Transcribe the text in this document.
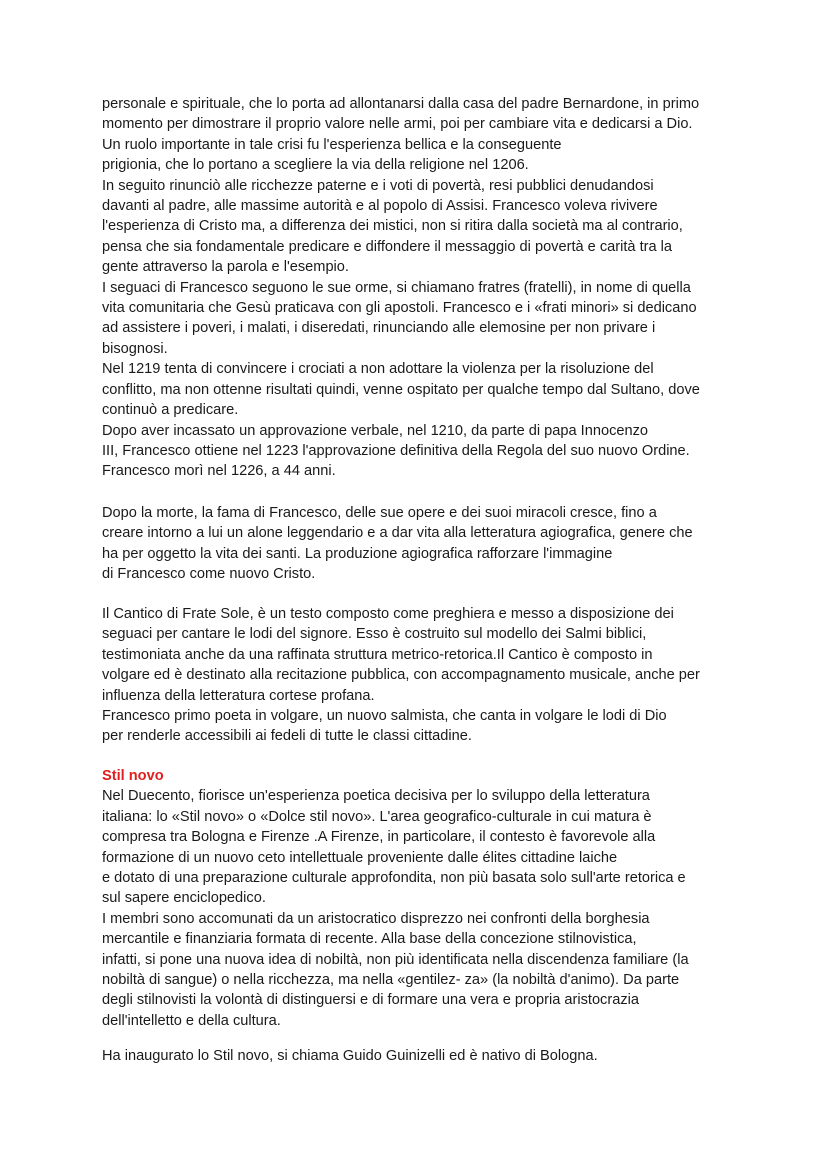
personale e spirituale, che lo porta ad allontanarsi dalla casa del padre Bernardone, in primo
momento per dimostrare il proprio valore nelle armi, poi per cambiare vita e dedicarsi a Dio.
Un ruolo importante in tale crisi fu l'esperienza bellica e la conseguente
prigionia, che lo portano a scegliere la via della religione nel 1206.
In seguito rinunciò alle ricchezze paterne e i voti di povertà, resi pubblici denudandosi
davanti al padre, alle massime autorità e al popolo di Assisi. Francesco voleva rivivere
l'esperienza di Cristo ma, a differenza dei mistici, non si ritira dalla società ma al contrario,
pensa che sia fondamentale predicare e diffondere il messaggio di povertà e carità tra la
gente attraverso la parola e l'esempio.
I seguaci di Francesco seguono le sue orme, si chiamano fratres (fratelli), in nome di quella
vita comunitaria che Gesù praticava con gli apostoli. Francesco e i «frati minori» si dedicano
ad assistere i poveri, i malati, i diseredati, rinunciando alle elemosine per non privare i
bisognosi.
Nel 1219 tenta di convincere i crociati a non adottare la violenza per la risoluzione del
conflitto, ma non ottenne risultati quindi, venne ospitato per qualche tempo dal Sultano, dove
continuò a predicare.
Dopo aver incassato un approvazione verbale, nel 1210, da parte di papa Innocenzo
III, Francesco ottiene nel 1223 l'approvazione definitiva della Regola del suo nuovo Ordine.
Francesco morì nel 1226, a 44 anni.
Dopo la morte, la fama di Francesco, delle sue opere e dei suoi miracoli cresce, fino a
creare intorno a lui un alone leggendario e a dar vita alla letteratura agiografica, genere che
ha per oggetto la vita dei santi. La produzione agiografica rafforzare l'immagine
di Francesco come nuovo Cristo.
Il Cantico di Frate Sole, è un testo composto come preghiera e messo a disposizione dei
seguaci per cantare le lodi del signore. Esso è costruito sul modello dei Salmi biblici,
testimoniata anche da una raffinata struttura metrico-retorica.Il Cantico è composto in
volgare ed è destinato alla recitazione pubblica, con accompagnamento musicale, anche per
influenza della letteratura cortese profana.
Francesco primo poeta in volgare, un nuovo salmista, che canta in volgare le lodi di Dio
per renderle accessibili ai fedeli di tutte le classi cittadine.
Stil novo
Nel Duecento, fiorisce un'esperienza poetica decisiva per lo sviluppo della letteratura
italiana: lo «Stil novo» o «Dolce stil novo». L'area geografico-culturale in cui matura è
compresa tra Bologna e Firenze .A Firenze, in particolare, il contesto è favorevole alla
formazione di un nuovo ceto intellettuale proveniente dalle élites cittadine laiche
e dotato di una preparazione culturale approfondita, non più basata solo sull'arte retorica e
sul sapere enciclopedico.
I membri sono accomunati da un aristocratico disprezzo nei confronti della borghesia
mercantile e finanziaria formata di recente. Alla base della concezione stilnovistica,
infatti, si pone una nuova idea di nobiltà, non più identificata nella discendenza familiare (la
nobiltà di sangue) o nella ricchezza, ma nella «gentilez- za» (la nobiltà d'animo). Da parte
degli stilnovisti la volontà di distinguersi e di formare una vera e propria aristocrazia
dell'intelletto e della cultura.
Ha inaugurato lo Stil novo, si chiama Guido Guinizelli ed è nativo di Bologna.
